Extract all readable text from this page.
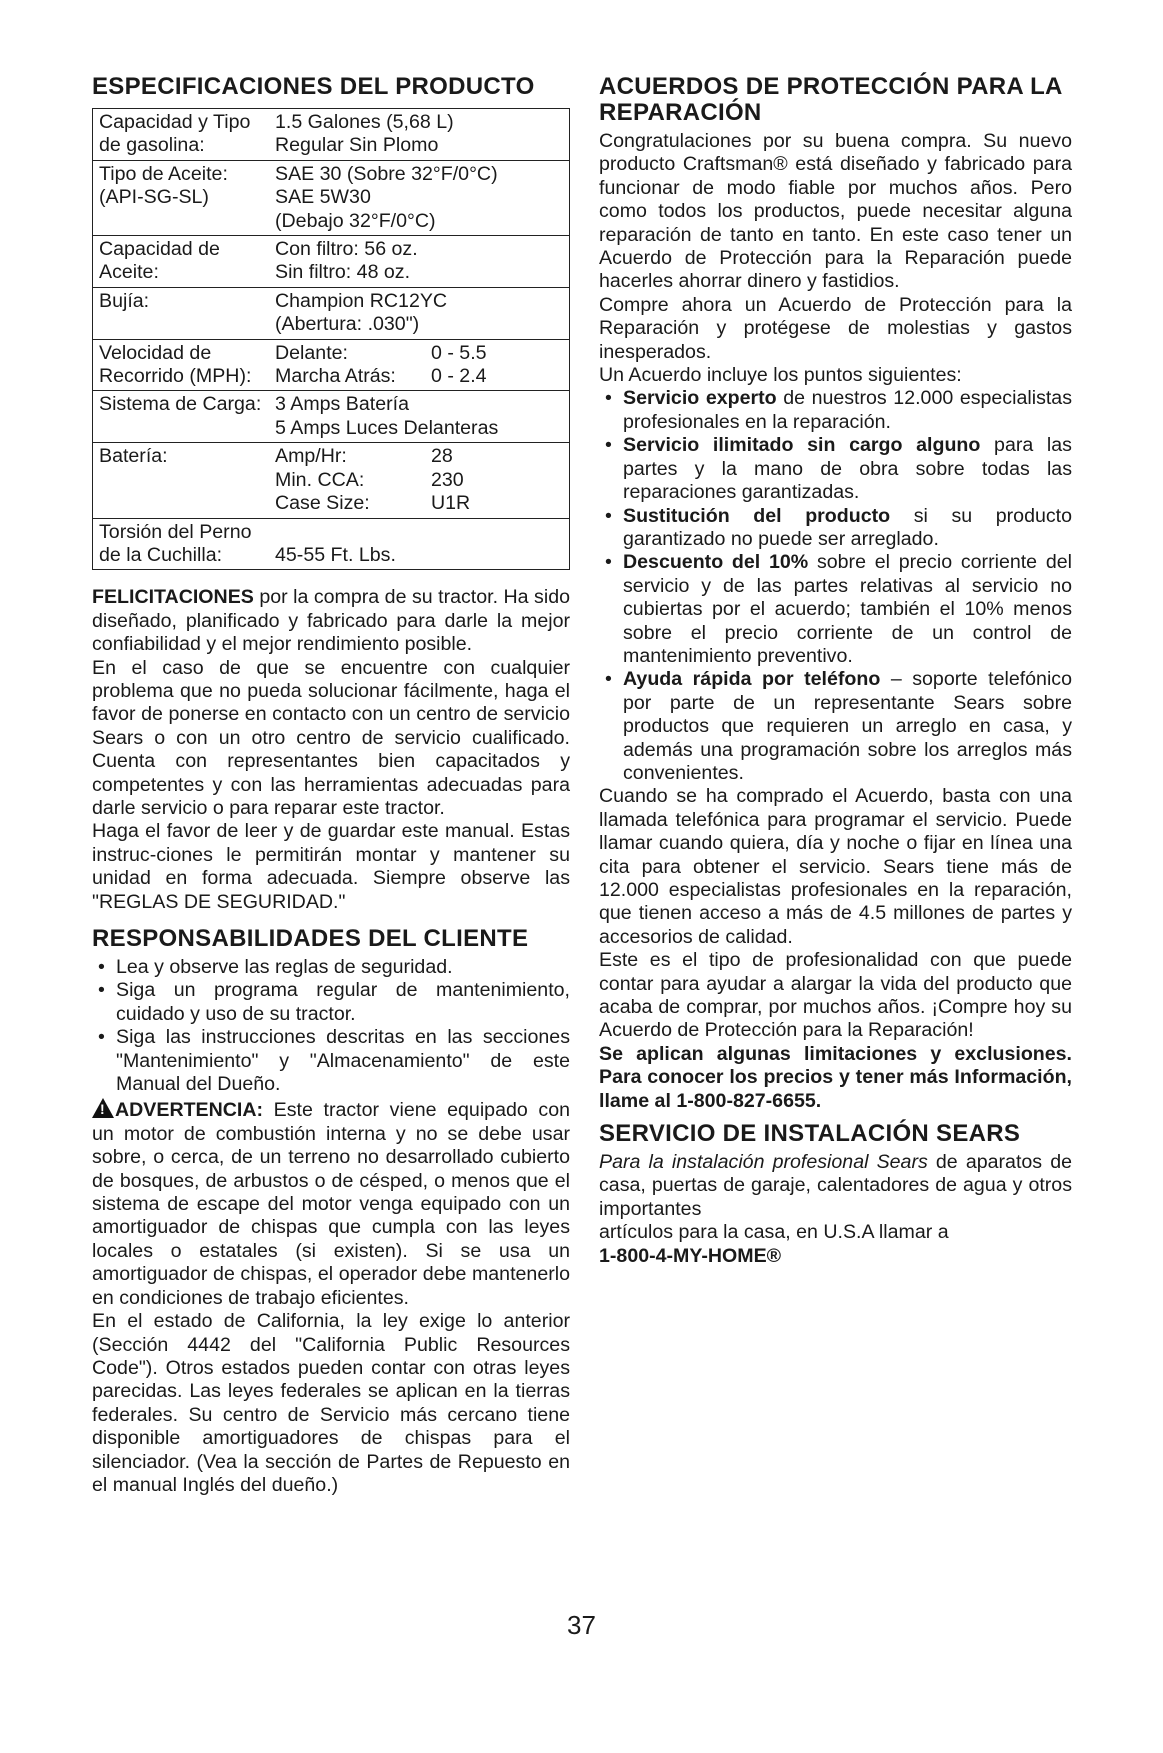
ESPECIFICACIONES DEL PRODUCTO
Capacidad y Tipo	1.5 Galones (5,68 L)
de gasolina:	Regular Sin Plomo

Tipo de Aceite:	SAE 30 (Sobre 32°F/0°C)
(API-SG-SL)	SAE 5W30
(Debajo 32°F/0°C)

Capacidad de	Con filtro: 56 oz.
Aceite:	Sin filtro: 48 oz.

Bujía:	Champion RC12YC
(Abertura: .030")

Velocidad de	Delante:	0 - 5.5
Recorrido (MPH):	Marcha Atrás:	0 - 2.4

Sistema de Carga: 3 Amps Batería
5 Amps Luces Delanteras

Batería:	Amp/Hr:	28
Min. CCA:	230
Case Size:	U1R

Torsión del Perno
de la Cuchilla:	45-55 Ft. Lbs.

FELICITACIONES por la compra de su tractor. Ha sido diseñado, planificado y fabricado para darle la mejor confiabilidad y el mejor rendimiento posible.

En el caso de que se encuentre con cualquier problema que no pueda solucionar fácilmente, haga el favor de ponerse en contacto con un centro de servicio Sears o con un otro centro de servicio cualificado. Cuenta con representantes bien capacitados y competentes y con las herramientas adecuadas para darle servicio o para reparar este tractor.

Haga el favor de leer y de guardar este manual. Estas instruc-ciones le permitirán montar y mantener su unidad en forma adecuada. Siempre observe las "REGLAS DE SEGURIDAD."

RESPONSABILIDADES DEL CLIENTE
• Lea y observe las reglas de seguridad.
• Siga un programa regular de mantenimiento, cuidado y uso de su tractor.
• Siga las instrucciones descritas en las secciones "Mantenimiento" y "Almacenamiento" de este Manual del Dueño.

!ADVERTENCIA: Este tractor viene equipado con un motor de combustión interna y no se debe usar sobre, o cerca, de un terreno no desarrollado cubierto de bosques, de arbustos o de césped, o menos que el sistema de escape del motor venga equipado con un amortiguador de chispas que cumpla con las leyes locales o estatales (si existen). Si se usa un amortiguador de chispas, el operador debe mantenerlo en condiciones de trabajo eficientes.

En el estado de California, la ley exige lo anterior (Sección 4442 del "California Public Resources Code"). Otros estados pueden contar con otras leyes parecidas. Las leyes federales se aplican en la tierras federales. Su centro de Servicio más cercano tiene disponible amortiguadores de chispas para el silenciador. (Vea la sección de Partes de Repuesto en el manual Inglés del dueño.)

ACUERDOS DE PROTECCIÓN PARA LA REPARACIÓN

Congratulaciones por su buena compra. Su nuevo producto Craftsman® está diseñado y fabricado para funcionar de modo fiable por muchos años. Pero como todos los productos, puede necesitar alguna reparación de tanto en tanto. En este caso tener un Acuerdo de Protección para la Reparación puede hacerles ahorrar dinero y fastidios.

Compre ahora un Acuerdo de Protección para la Reparación y protégese de molestias y gastos inesperados.

Un Acuerdo incluye los puntos siguientes:

• Servicio experto de nuestros 12.000 especialistas profesionales en la reparación.
• Servicio ilimitado sin cargo alguno para las partes y la mano de obra sobre todas las reparaciones garantizadas.
• Sustitución del producto si su producto garantizado no puede ser arreglado.
• Descuento del 10% sobre el precio corriente del servicio y de las partes relativas al servicio no cubiertas por el acuerdo; también el 10% menos sobre el precio corriente de un control de mantenimiento preventivo.
• Ayuda rápida por teléfono – soporte telefónico por parte de un representante Sears sobre productos que requieren un arreglo en casa, y además una programación sobre los arreglos más convenientes.

Cuando se ha comprado el Acuerdo, basta con una llamada telefónica para programar el servicio. Puede llamar cuando quiera, día y noche o fijar en línea una cita para obtener el servicio. Sears tiene más de 12.000 especialistas profesionales en la reparación, que tienen acceso a más de 4.5 millones de partes y accesorios de calidad.

Este es el tipo de profesionalidad con que puede contar para ayudar a alargar la vida del producto que acaba de comprar, por muchos años. ¡Compre hoy su Acuerdo de Protección para la Reparación!

Se aplican algunas limitaciones y exclusiones. Para conocer los precios y tener más Información, llame al 1-800-827-6655.

SERVICIO DE INSTALACIÓN SEARS

Para la instalación profesional Sears de aparatos de casa, puertas de garaje, calentadores de agua y otros importantes

artículos para la casa, en U.S.A llamar a

1-800-4-MY-HOME®

37
